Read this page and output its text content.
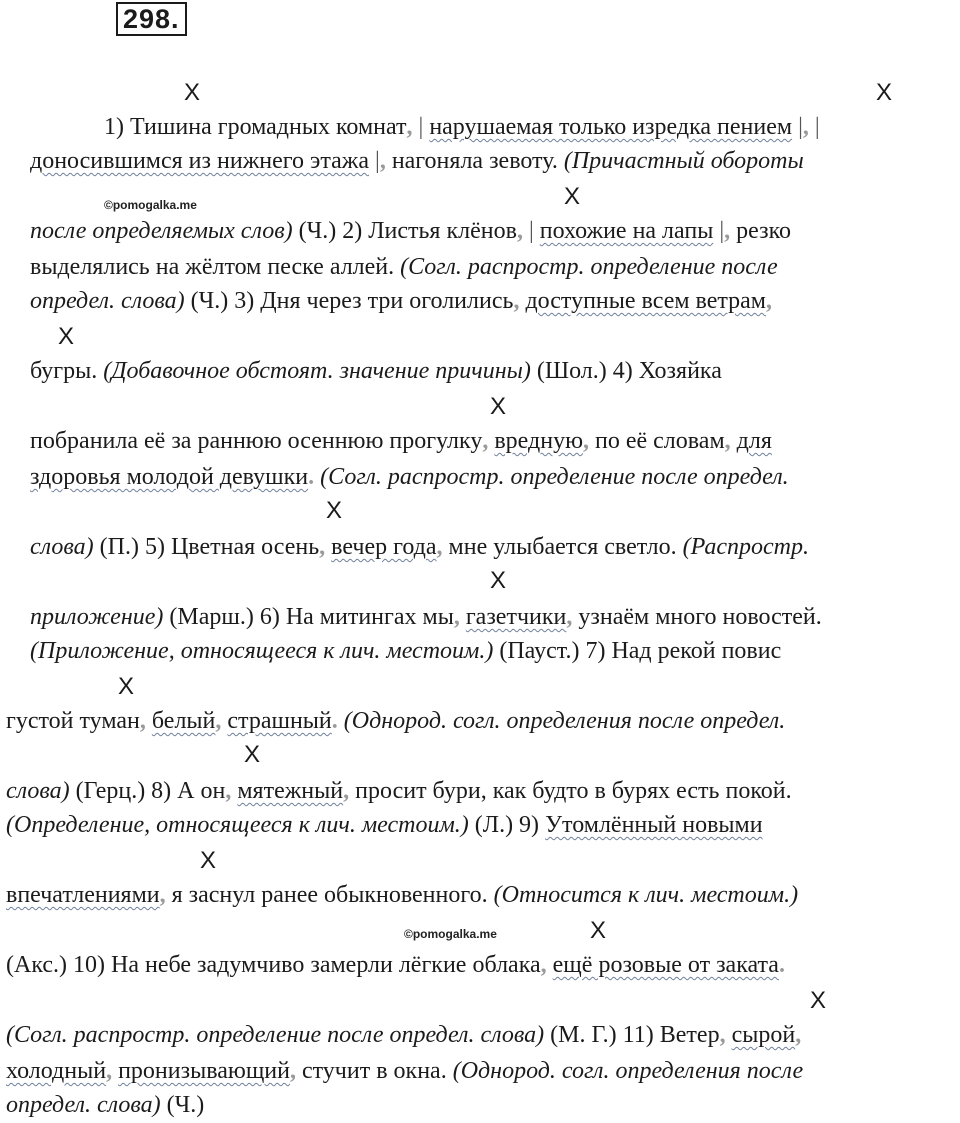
298.
1) Тишина громадных комнат, | нарушаемая только изредка пением |, |
доносившимся из нижнего этажа |, нагоняла зевоту. (Причастный обороты
после определяемых слов) (Ч.) 2) Листья клёнов, | похожие на лапы |, резко
выделялись на жёлтом песке аллей. (Согл. распростр. определение после
определ. слова) (Ч.) 3) Дня через три оголились, доступные всем ветрам,
бугры. (Добавочное обстоят. значение причины) (Шол.) 4) Хозяйка
побранила её за раннюю осеннюю прогулку, вредную, по её словам, для
здоровья молодой девушки. (Согл. распростр. определение после определ.
слова) (П.) 5) Цветная осень, вечер года, мне улыбается светло. (Распростр.
приложение) (Марш.) 6) На митингах мы, газетчики, узнаём много новостей.
(Приложение, относящееся к лич. местоим.) (Пауст.) 7) Над рекой повис
густой туман, белый, страшный. (Однород. согл. определения после определ.
слова) (Герц.) 8) А он, мятежный, просит бури, как будто в бурях есть покой.
(Определение, относящееся к лич. местоим.) (Л.) 9) Утомлённый новыми
впечатлениями, я заснул ранее обыкновенного. (Относится к лич. местоим.)
(Акс.) 10) На небе задумчиво замерли лёгкие облака, ещё розовые от заката.
(Согл. распростр. определение после определ. слова) (М. Г.) 11) Ветер, сырой,
холодный, пронизывающий, стучит в окна. (Однород. согл. определения после
определ. слова) (Ч.)
©pomogalka.me
©pomogalka.me
X	X
X
X
X
X
X
X
X
X
X
X
